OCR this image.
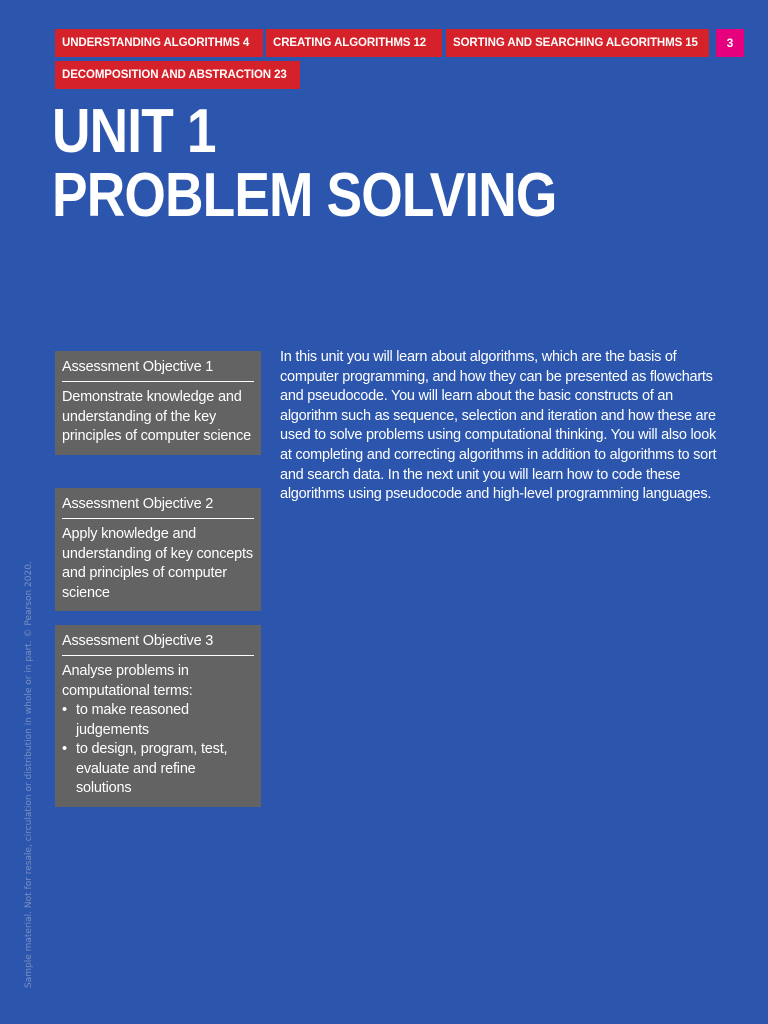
UNDERSTANDING ALGORITHMS 4	CREATING ALGORITHMS 12	SORTING AND SEARCHING ALGORITHMS 15
DECOMPOSITION AND ABSTRACTION 23
3
UNIT 1
PROBLEM SOLVING
Assessment Objective 1
Demonstrate knowledge and understanding of the key principles of computer science
Assessment Objective 2
Apply knowledge and understanding of key concepts and principles of computer science
Assessment Objective 3
Analyse problems in computational terms:
• to make reasoned judgements
• to design, program, test, evaluate and refine solutions

In this unit you will learn about algorithms, which are the basis of computer programming, and how they can be presented as flowcharts and pseudocode. You will learn about the basic constructs of an algorithm such as sequence, selection and iteration and how these are used to solve problems using computational thinking. You will also look at completing and correcting algorithms in addition to algorithms to sort and search data. In the next unit you will learn how to code these algorithms using pseudocode and high-level programming languages.

Sample material. Not for resale, circulation or distribution in whole or in part. © Pearson 2020.
